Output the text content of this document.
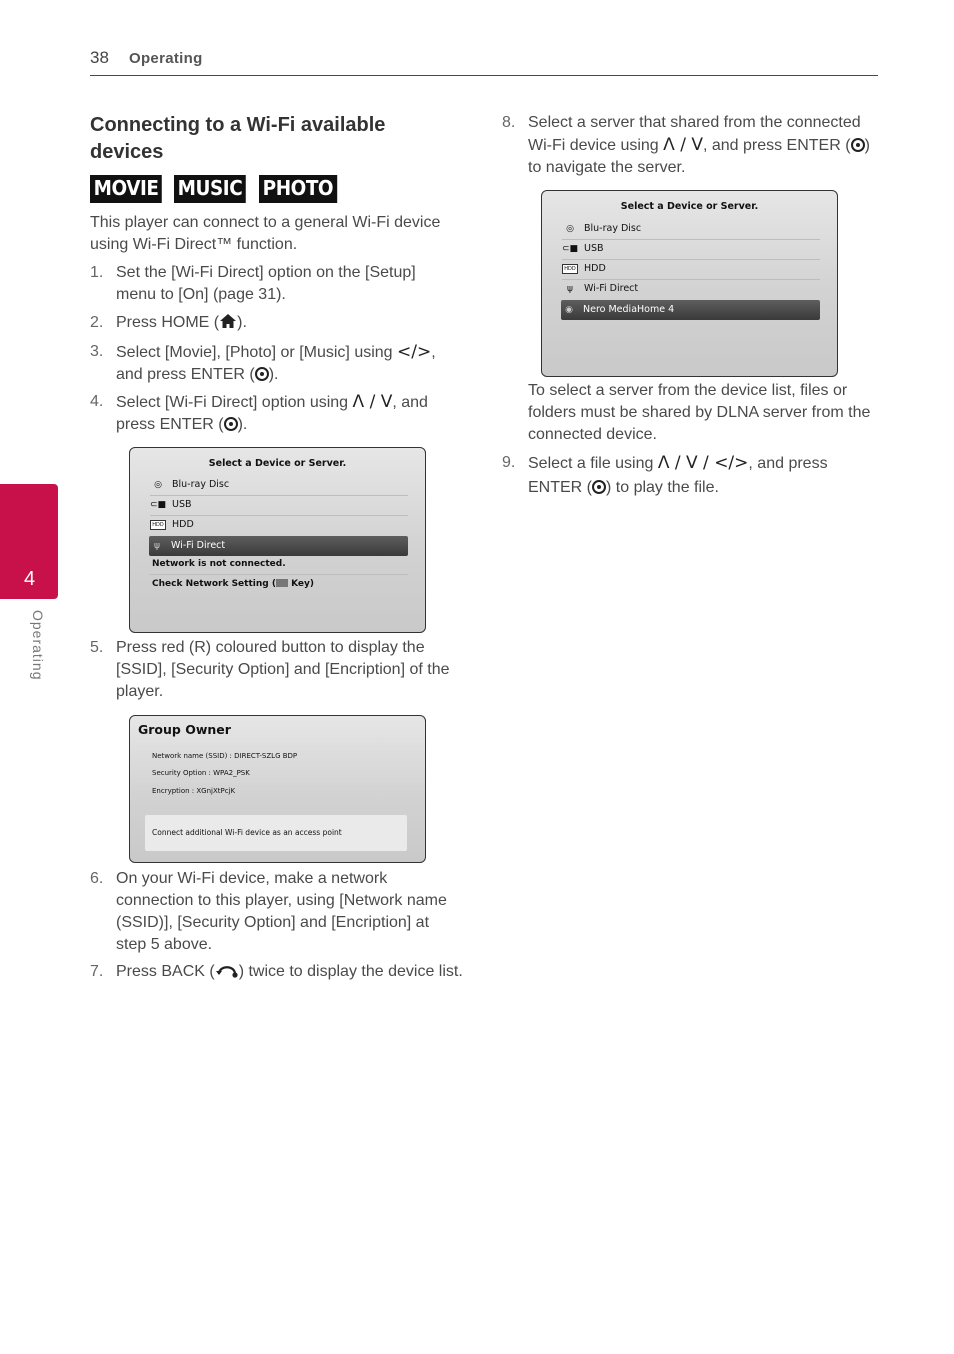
38 Operating
4
Operating
Connecting to a Wi-Fi available
devices
MOVIE MUSIC PHOTO
This player can connect to a general Wi-Fi device
using Wi-Fi Direct™ function.
1. Set the [Wi-Fi Direct] option on the [Setup]
menu to [On] (page 31).
2. Press HOME ( ).
3. Select [Movie], [Photo] or [Music] using </>,
and press ENTER ( ).
4. Select [Wi-Fi Direct] option using Λ / V, and
press ENTER ( ).
Select a Device or Server.
◎	Blu-ray Disc
⊂■ USB
HDD HDD
ψ	Wi-Fi Direct
Network is not connected.
Check Network Setting ( Key)
5. Press red (R) coloured button to display the
[SSID], [Security Option] and [Encription] of the
player.
Group Owner
Network name (SSID) : DIRECT-SZLG BDP
Security Option : WPA2_PSK
Encryption : XGnjXtPcjK
Connect additional Wi-Fi device as an access point
6. On your Wi-Fi device, make a network
connection to this player, using [Network name
(SSID)], [Security Option] and [Encription] at
step 5 above.
7. Press BACK ( ) twice to display the device list.
8. Select a server that shared from the connected
Wi-Fi device using Λ / V, and press ENTER ( )
to navigate the server.
Select a Device or Server.
◎	Blu-ray Disc
⊂■ USB
HDD HDD
ψ	Wi-Fi Direct
◉	Nero MediaHome 4
To select a server from the device list, files or
folders must be shared by DLNA server from the
connected device.
9. Select a file using Λ / V / </>, and press
ENTER ( ) to play the file.
